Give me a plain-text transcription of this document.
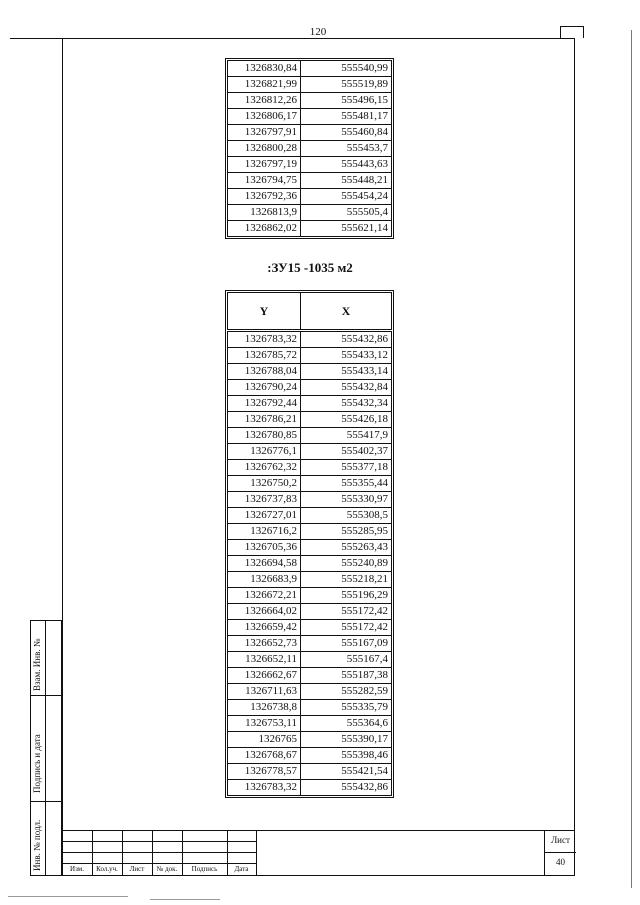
120
1326830,84	555540,99
1326821,99	555519,89
1326812,26	555496,15
1326806,17	555481,17
1326797,91	555460,84
1326800,28	555453,7
1326797,19	555443,63
1326794,75	555448,21
1326792,36	555454,24
1326813,9	555505,4
1326862,02	555621,14
:ЗУ15 -1035 м2
Y	X
1326783,32	555432,86
1326785,72	555433,12
1326788,04	555433,14
1326790,24	555432,84
1326792,44	555432,34
1326786,21	555426,18
1326780,85	555417,9
1326776,1	555402,37
1326762,32	555377,18
1326750,2	555355,44
1326737,83	555330,97
1326727,01	555308,5
1326716,2	555285,95
1326705,36	555263,43
1326694,58	555240,89
1326683,9	555218,21
1326672,21	555196,29
1326664,02	555172,42
1326659,42	555172,42
1326652,73	555167,09
1326652,11	555167,4
1326662,67	555187,38
1326711,63	555282,59
1326738,8	555335,79
1326753,11	555364,6
1326765	555390,17
1326768,67	555398,46
1326778,57	555421,54
1326783,32	555432,86
Взам. Инв. №
Подпись и дата
Инв. № подл.	Изм.	Кол.уч.	Лист	№ док.	Подпись	Дата
Лист
40
